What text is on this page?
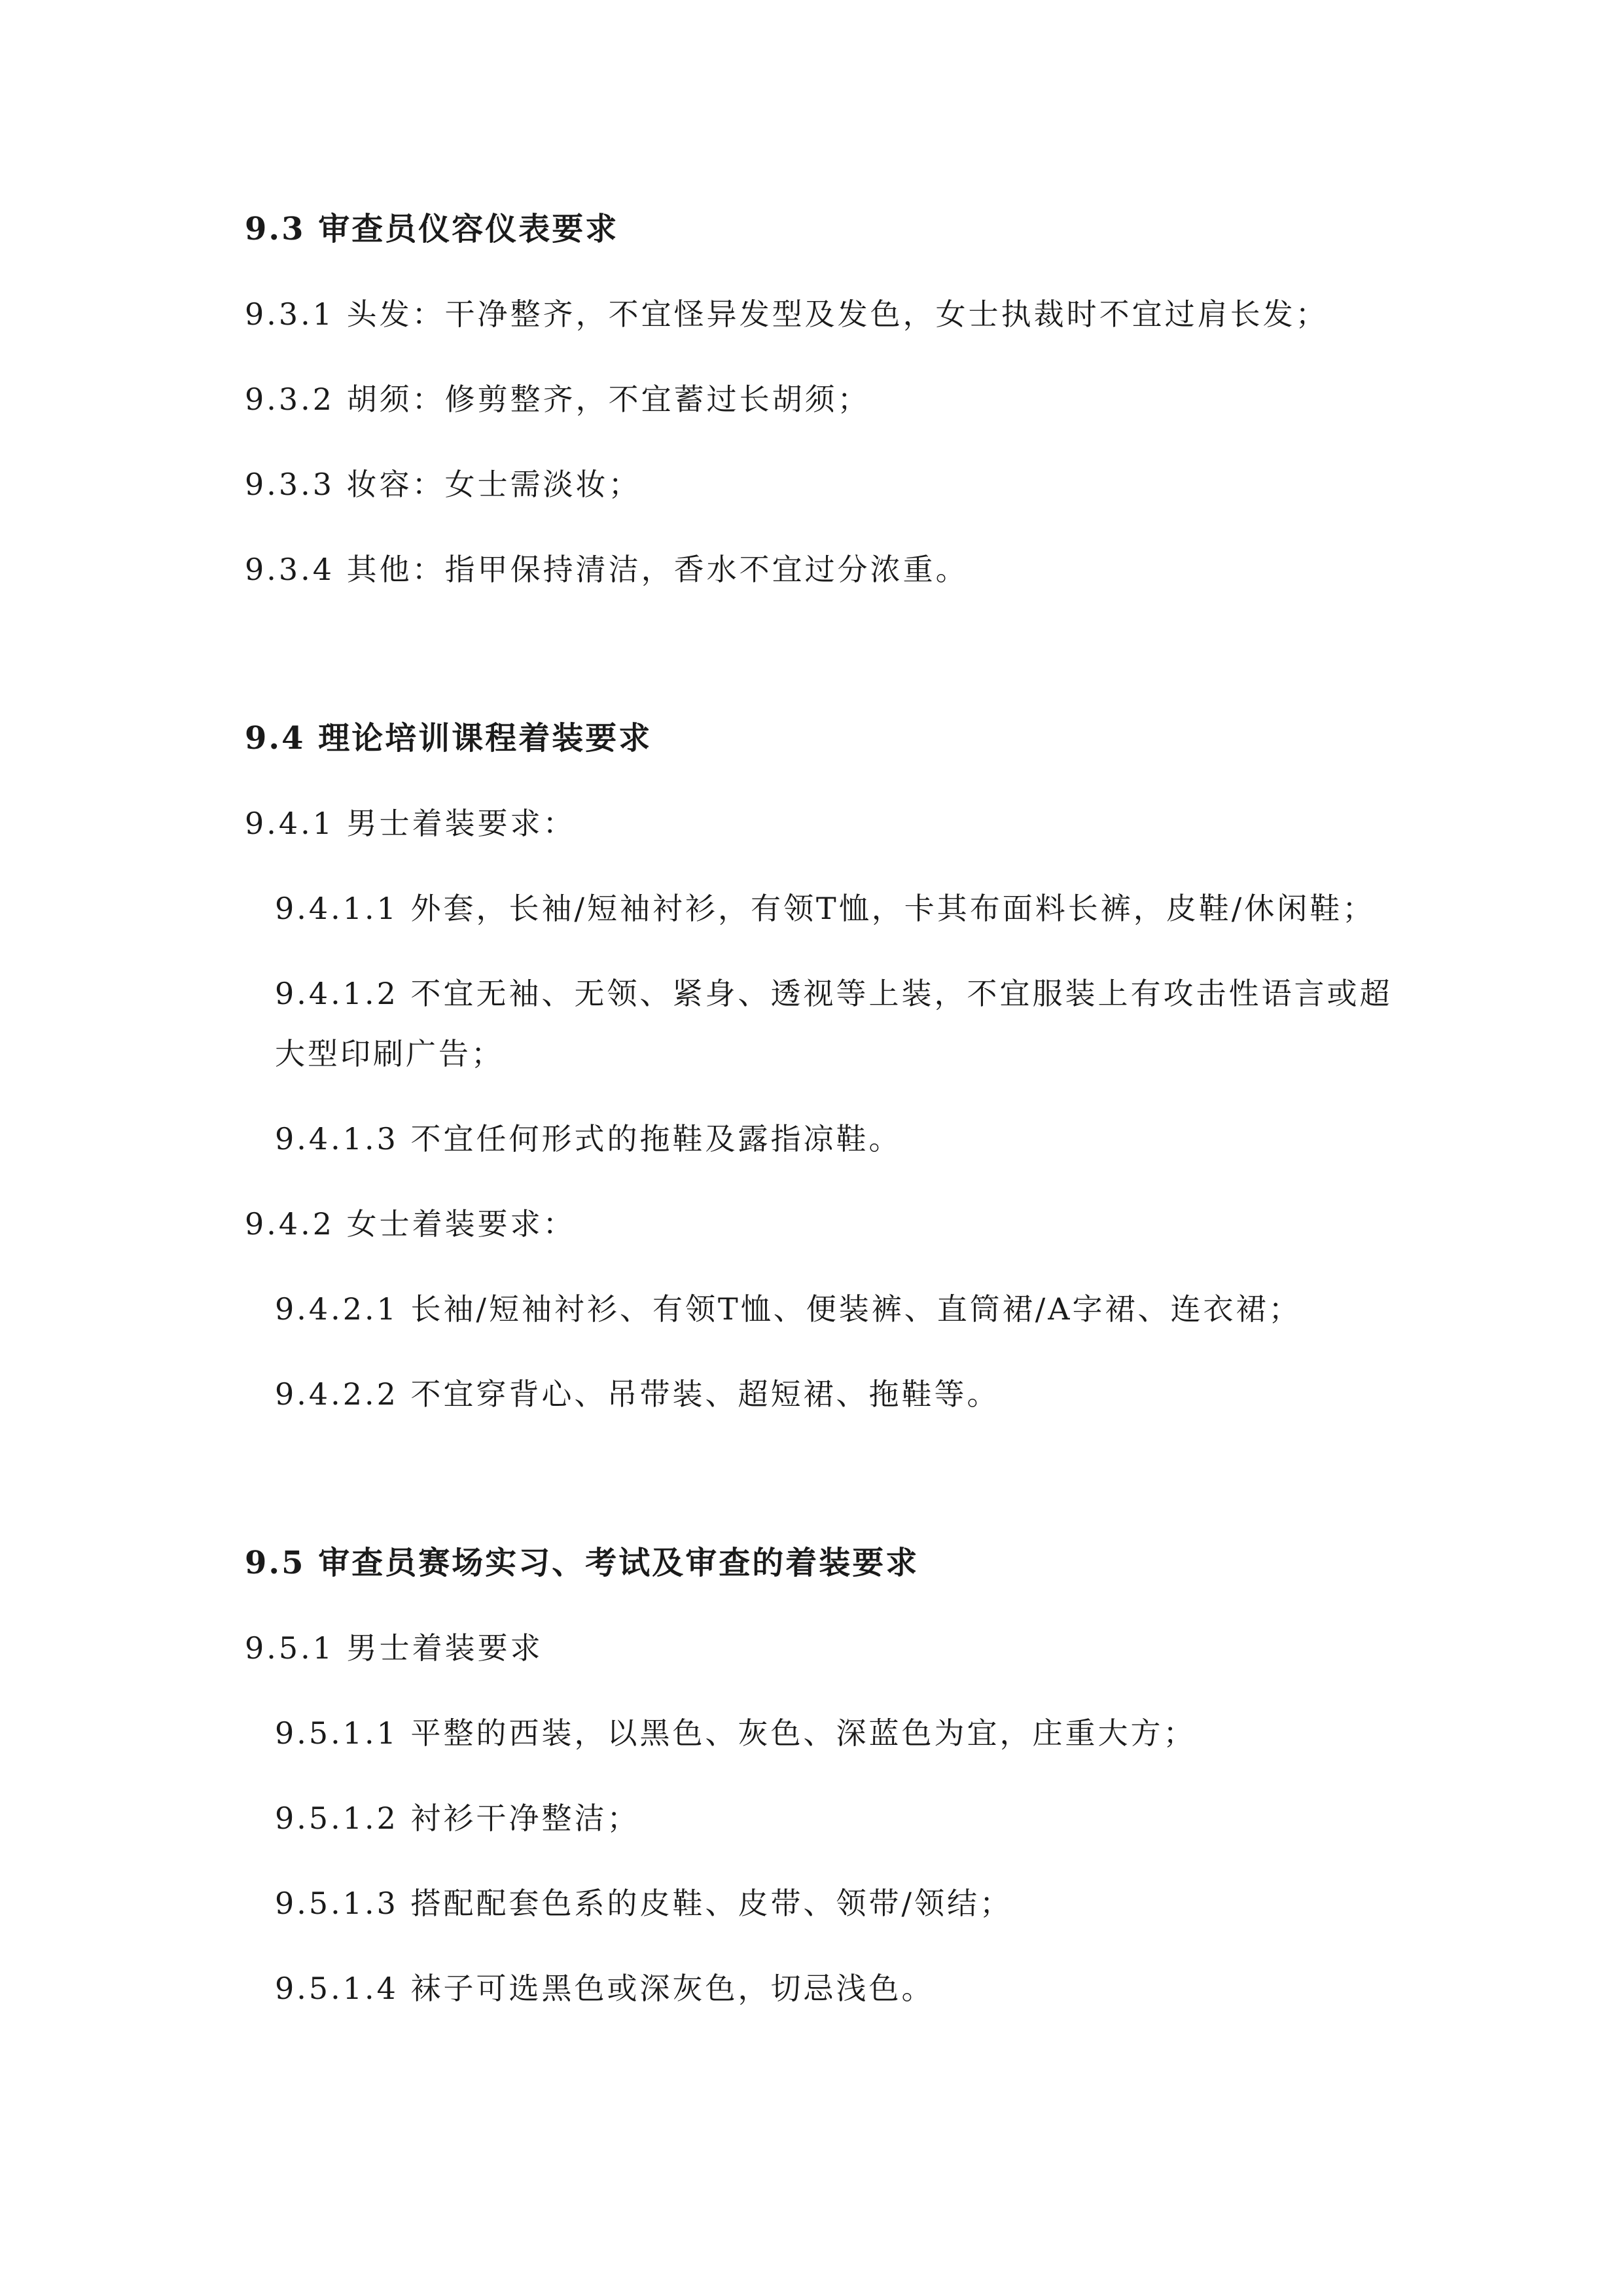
9.3 审查员仪容仪表要求
9.3.1 头发：干净整齐，不宜怪异发型及发色，女士执裁时不宜过肩长发；
9.3.2 胡须：修剪整齐，不宜蓄过长胡须；
9.3.3 妆容：女士需淡妆；
9.3.4 其他：指甲保持清洁，香水不宜过分浓重。
9.4 理论培训课程着装要求
9.4.1 男士着装要求：
9.4.1.1 外套，长袖/短袖衬衫，有领T恤，卡其布面料长裤，皮鞋/休闲鞋；
9.4.1.2 不宜无袖、无领、紧身、透视等上装，不宜服装上有攻击性语言或超
大型印刷广告；
9.4.1.3 不宜任何形式的拖鞋及露指凉鞋。
9.4.2 女士着装要求：
9.4.2.1 长袖/短袖衬衫、有领T恤、便装裤、直筒裙/A字裙、连衣裙；
9.4.2.2 不宜穿背心、吊带装、超短裙、拖鞋等。
9.5 审查员赛场实习、考试及审查的着装要求
9.5.1 男士着装要求
9.5.1.1 平整的西装，以黑色、灰色、深蓝色为宜，庄重大方；
9.5.1.2 衬衫干净整洁；
9.5.1.3 搭配配套色系的皮鞋、皮带、领带/领结；
9.5.1.4 袜子可选黑色或深灰色，切忌浅色。
